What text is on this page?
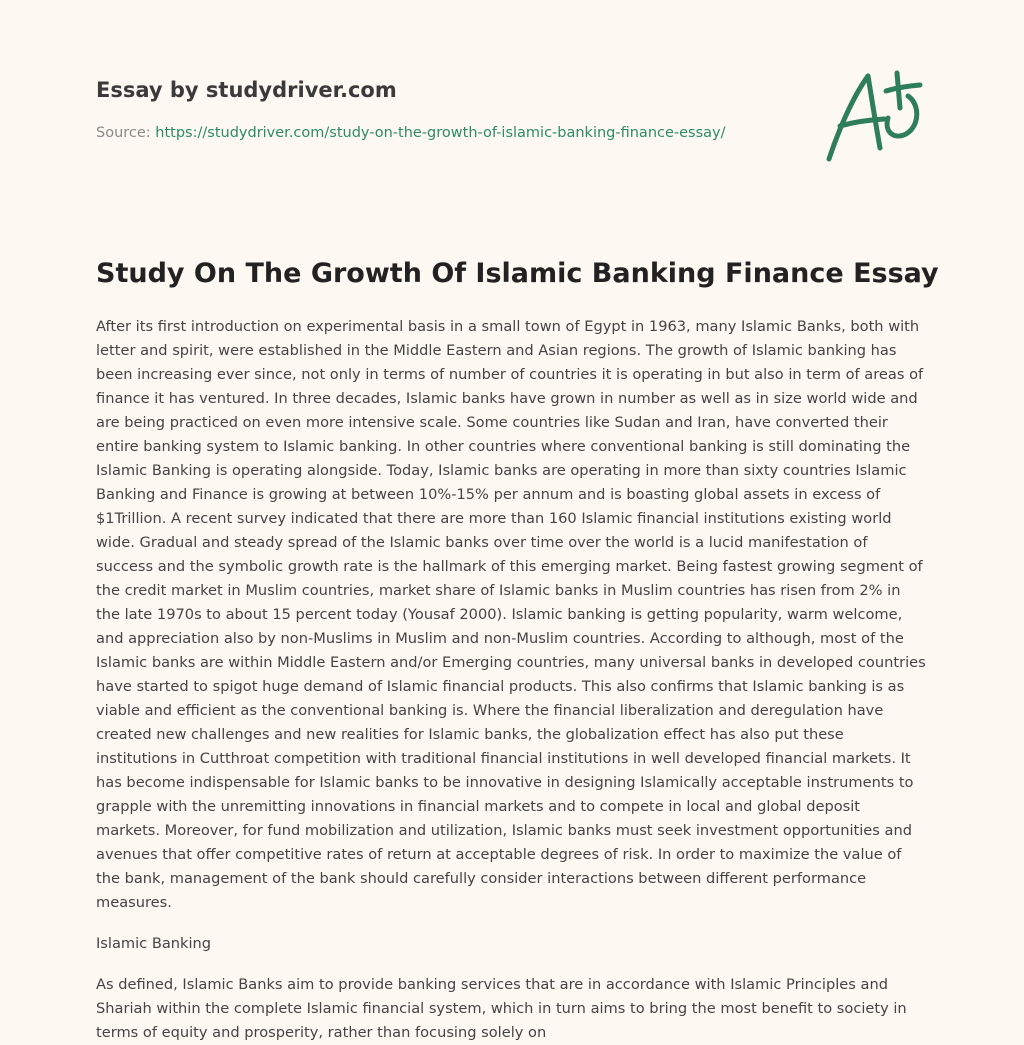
Essay by studydriver.com
Source: https://studydriver.com/study-on-the-growth-of-islamic-banking-finance-essay/
Study On The Growth Of Islamic Banking Finance Essay

After its first introduction on experimental basis in a small town of Egypt in 1963, many Islamic Banks, both with letter and spirit, were established in the Middle Eastern and Asian regions. The growth of Islamic banking has been increasing ever since, not only in terms of number of countries it is operating in but also in term of areas of finance it has ventured. In three decades, Islamic banks have grown in number as well as in size world wide and are being practiced on even more intensive scale. Some countries like Sudan and Iran, have converted their entire banking system to Islamic banking. In other countries where conventional banking is still dominating the Islamic Banking is operating alongside. Today, Islamic banks are operating in more than sixty countries Islamic Banking and Finance is growing at between 10%-15% per annum and is boasting global assets in excess of $1Trillion. A recent survey indicated that there are more than 160 Islamic financial institutions existing world wide. Gradual and steady spread of the Islamic banks over time over the world is a lucid manifestation of success and the symbolic growth rate is the hallmark of this emerging market. Being fastest growing segment of the credit market in Muslim countries, market share of Islamic banks in Muslim countries has risen from 2% in the late 1970s to about 15 percent today (Yousaf 2000). Islamic banking is getting popularity, warm welcome, and appreciation also by non-Muslims in Muslim and non-Muslim countries. According to although, most of the Islamic banks are within Middle Eastern and/or Emerging countries, many universal banks in developed countries have started to spigot huge demand of Islamic financial products. This also confirms that Islamic banking is as viable and efficient as the conventional banking is. Where the financial liberalization and deregulation have created new challenges and new realities for Islamic banks, the globalization effect has also put these institutions in Cutthroat competition with traditional financial institutions in well developed financial markets. It has become indispensable for Islamic banks to be innovative in designing Islamically acceptable instruments to grapple with the unremitting innovations in financial markets and to compete in local and global deposit markets. Moreover, for fund mobilization and utilization, Islamic banks must seek investment opportunities and avenues that offer competitive rates of return at acceptable degrees of risk. In order to maximize the value of the bank, management of the bank should carefully consider interactions between different performance measures.

Islamic Banking

As defined, Islamic Banks aim to provide banking services that are in accordance with Islamic Principles and Shariah within the complete Islamic financial system, which in turn aims to bring the most benefit to society in terms of equity and prosperity, rather than focusing solely on
